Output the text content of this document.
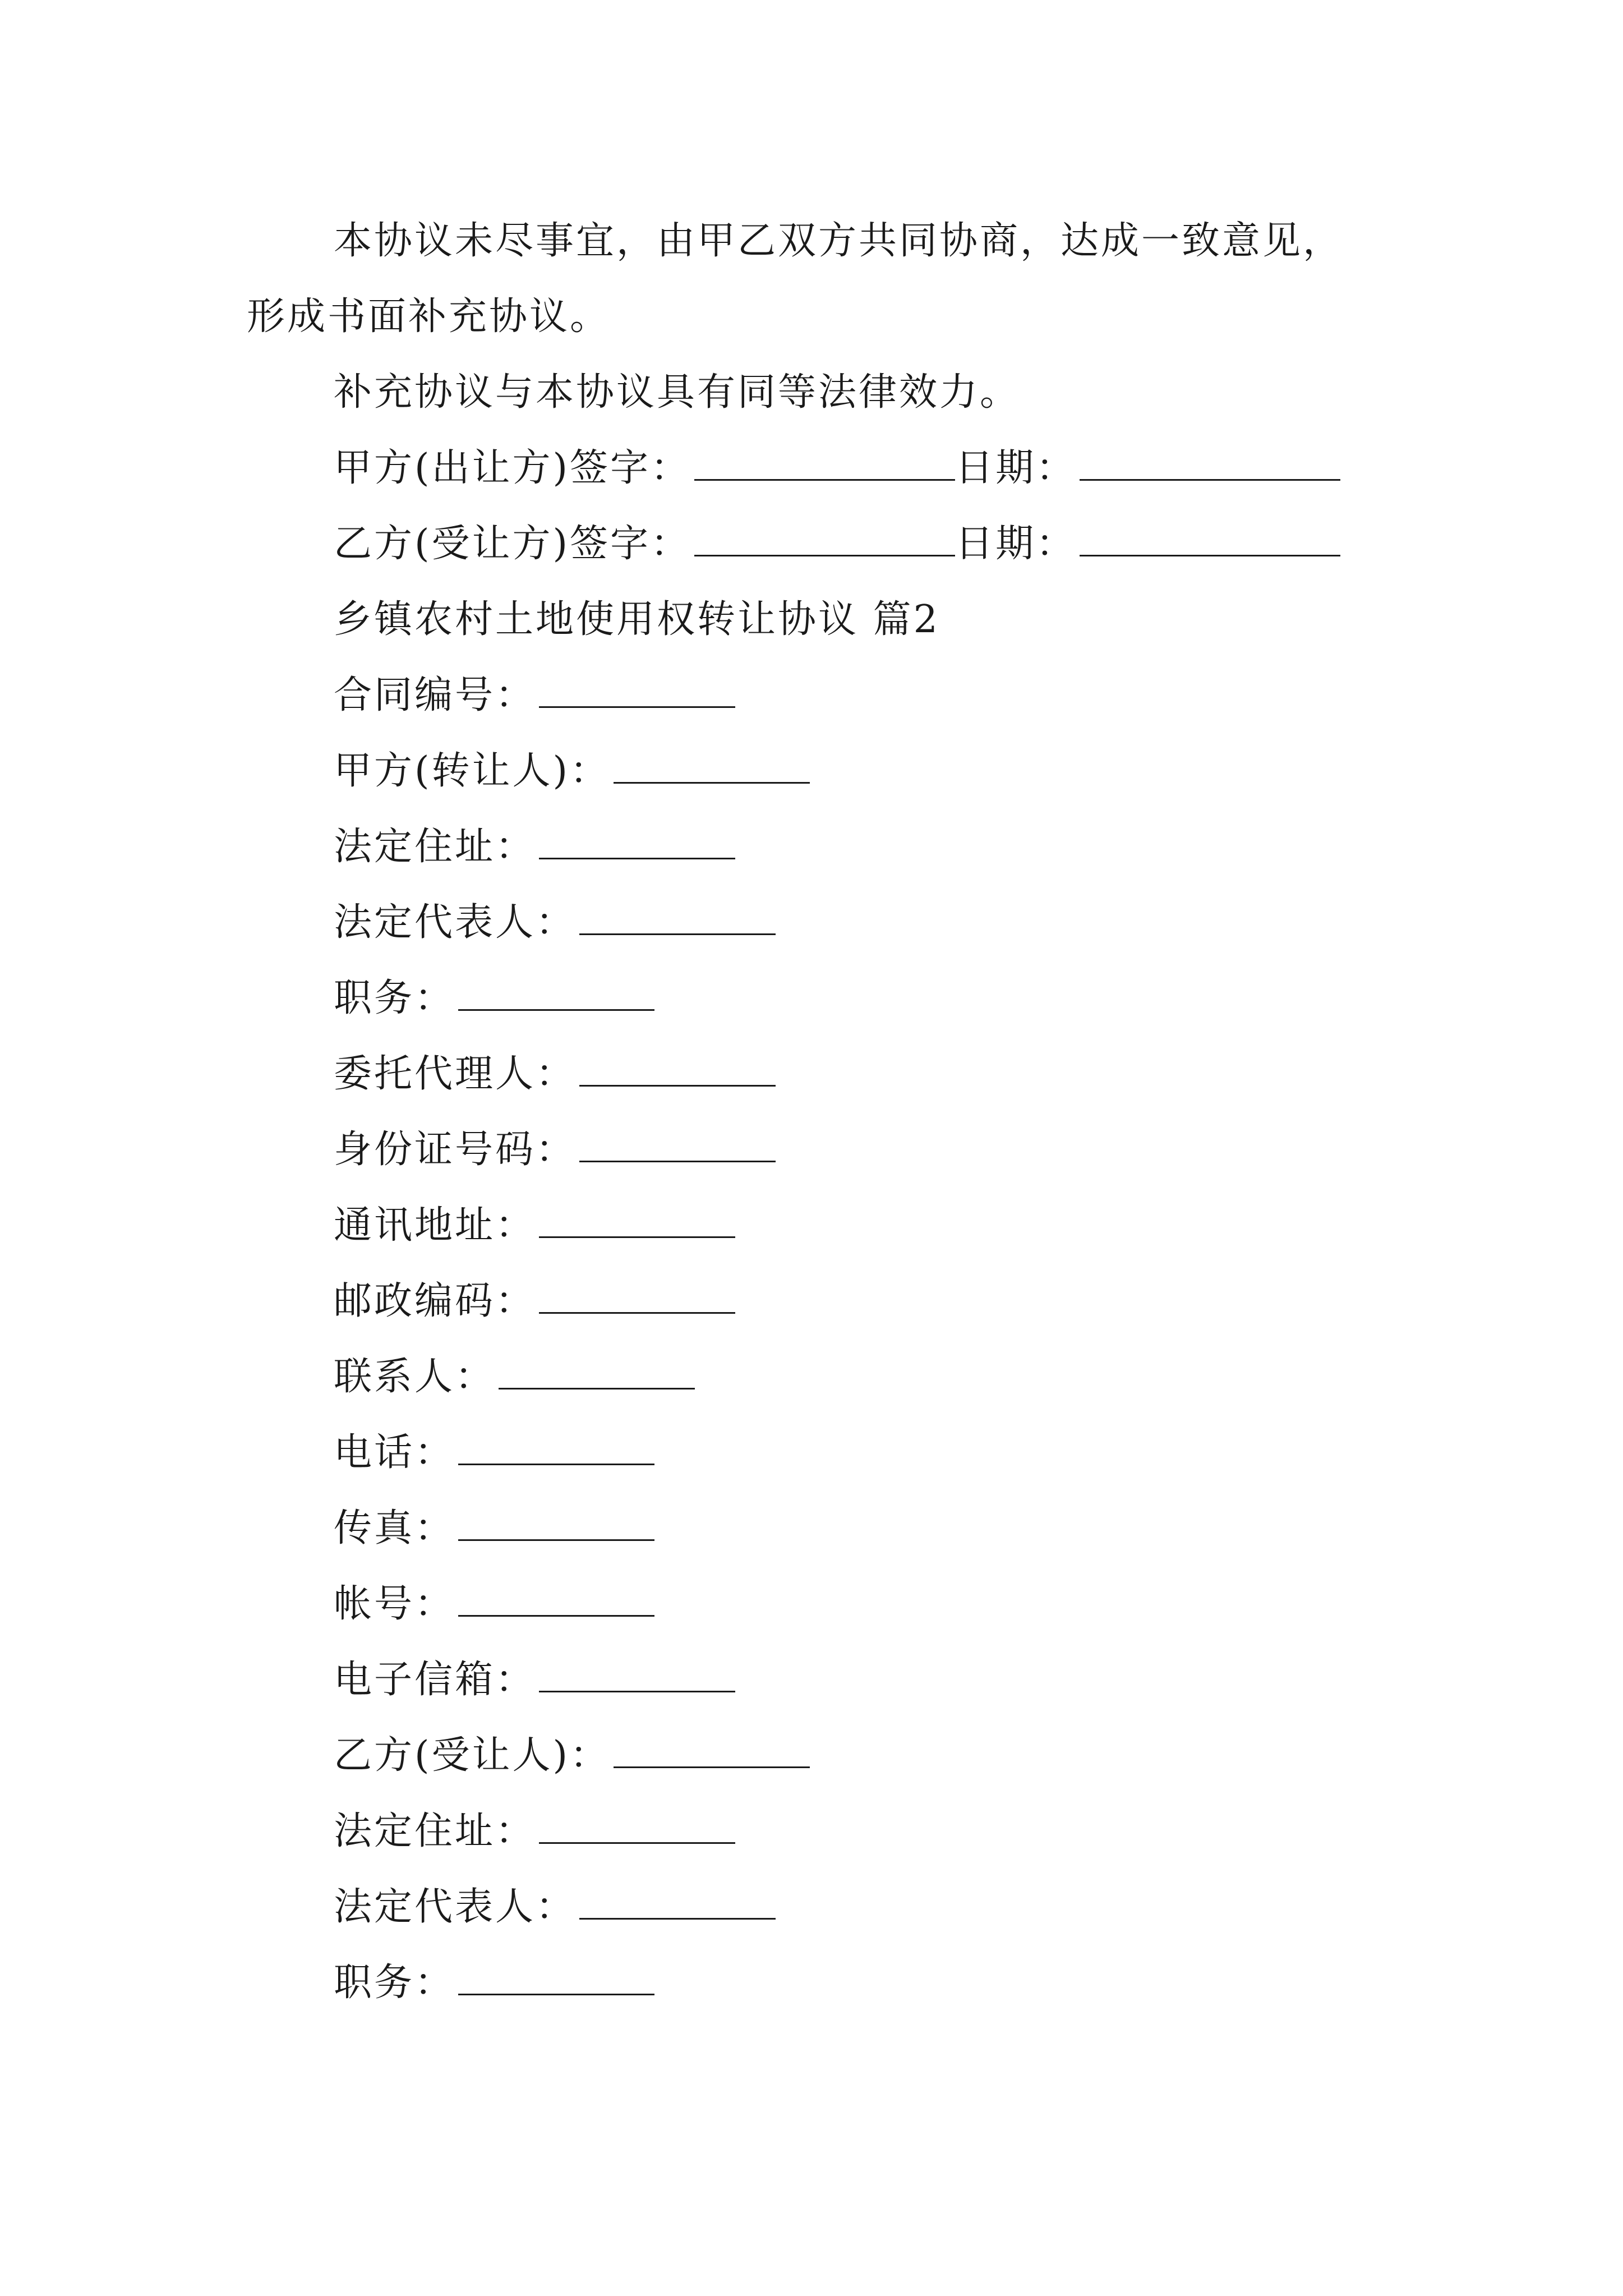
本协议未尽事宜，由甲乙双方共同协商，达成一致意见，
形成书面补充协议。
补充协议与本协议具有同等法律效力。
甲方(出让方)签字：	日期：
乙方(受让方)签字：	日期：
乡镇农村土地使用权转让协议 篇2
合同编号：
甲方(转让人)：
法定住址：
法定代表人：
职务：
委托代理人：
身份证号码：
通讯地址：
邮政编码：
联系人：
电话：
传真：
帐号：
电子信箱：
乙方(受让人)：
法定住址：
法定代表人：
职务：
